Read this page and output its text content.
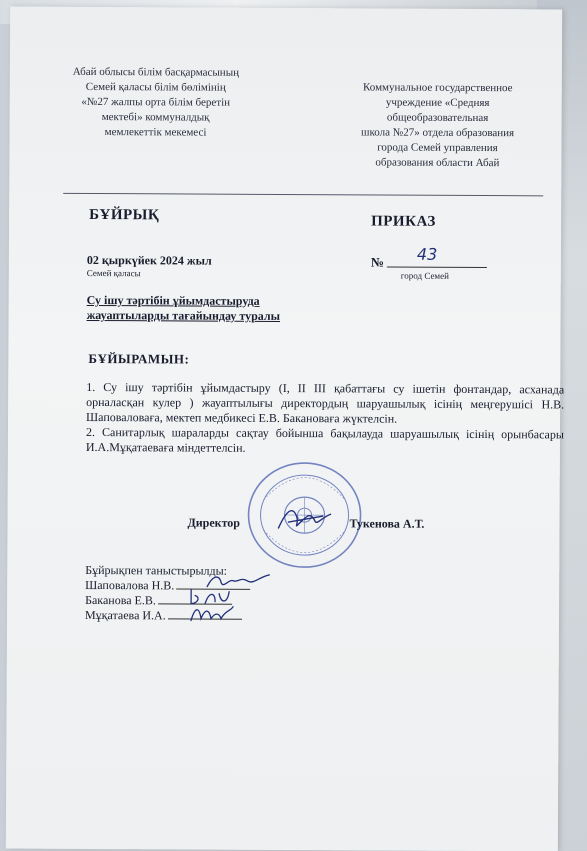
Абай облысы білім басқармасының
Семей қаласы білім бөлімінің
«№27 жалпы орта білім беретін
мектебі» коммуналдық
мемлекеттік мекемесі
Коммунальное государственное
учреждение «Средняя
общеобразовательная
школа №27» отдела образования
города Семей управления
образования области Абай
БҰЙРЫҚ	ПРИКАЗ
02 қыркүйек 2024 жыл
Семей қаласы
№ 43
город Семей
Су ішу тәртібін ұйымдастыруда
жауаптыларды тағайындау туралы
БҰЙЫРАМЫН:

1. Су ішу тәртібін ұйымдастыру (I, II III қабаттағы су ішетін фонтандар, асханада орналасқан кулер ) жауаптылығы директордың шаруашылық ісінің меңгерушісі Н.В. Шаповаловаға, мектеп медбикесі Е.В. Бакановаға жүктелсін.

2. Санитарлық шараларды сақтау бойынша бақылауда шаруашылық ісінің орынбасары И.А.Мұқатаеваға міндеттелсін.

Директор	Тукенова А.Т.
Бұйрықпен таныстырылды:
Шаповалова Н.В.
Баканова Е.В.
Мұқатаева И.А.
